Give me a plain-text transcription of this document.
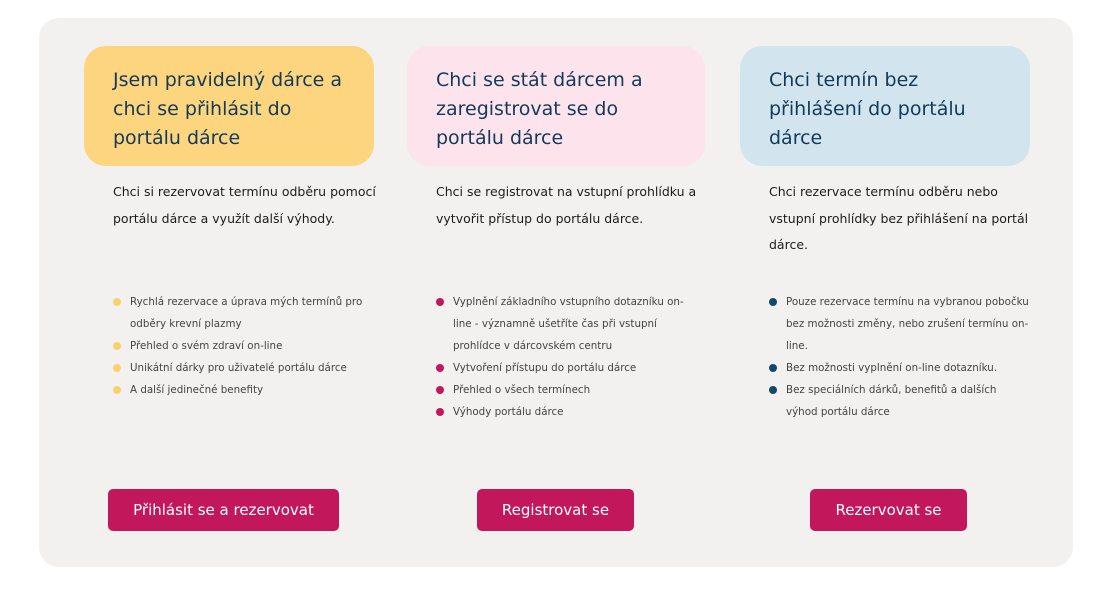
Jsem pravidelný dárce a chci se přihlásit do portálu dárce

Chci si rezervovat termínu odběru pomocí portálu dárce a využít další výhody.

Rychlá rezervace a úprava mých termínů pro odběry krevní plazmy
Přehled o svém zdraví on-line
Unikátní dárky pro uživatelé portálu dárce
A další jedinečné benefity
Přihlásit se a rezervovat
Chci se stát dárcem a zaregistrovat se do portálu dárce

Chci se registrovat na vstupní prohlídku a vytvořit přístup do portálu dárce.

Vyplnění základního vstupního dotazníku on-line - významně ušetříte čas při vstupní prohlídce v dárcovském centru
Vytvoření přístupu do portálu dárce
Přehled o všech termínech
Výhody portálu dárce
Registrovat se
Chci termín bez přihlášení do portálu dárce

Chci rezervace termínu odběru nebo vstupní prohlídky bez přihlášení na portál dárce.

Pouze rezervace termínu na vybranou pobočku bez možnosti změny, nebo zrušení termínu on-line.
Bez možnosti vyplnění on-line dotazníku.
Bez speciálních dárků, benefitů a dalších výhod portálu dárce
Rezervovat se
